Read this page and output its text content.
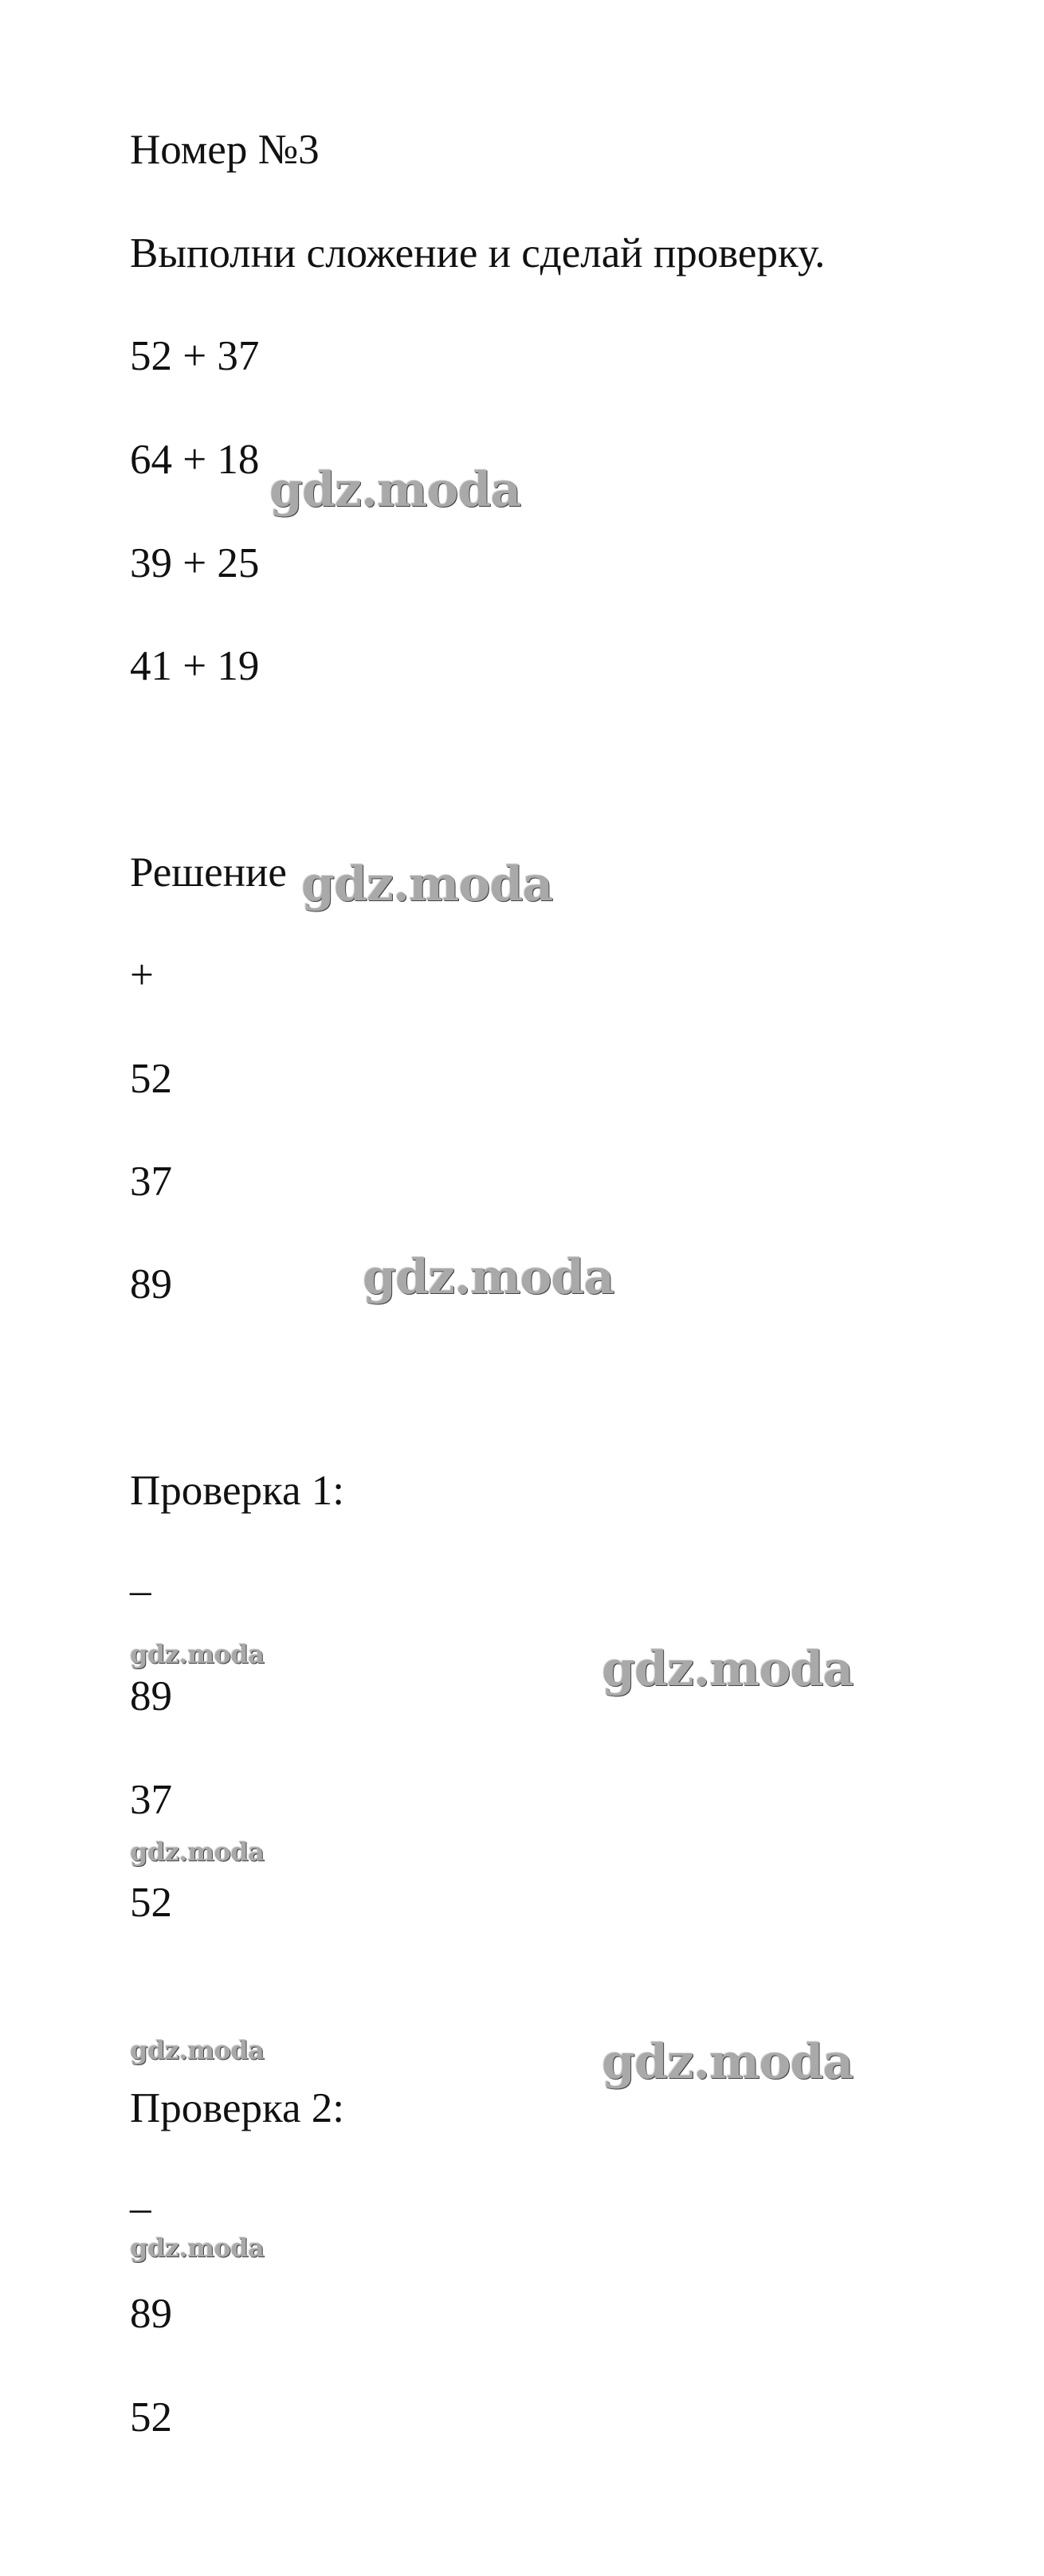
Номер №3
Выполни сложение и сделай проверку.
52 + 37
64 + 18
39 + 25
41 + 19
Решение
+
52
37
89
Проверка 1:
–
89
37
52
Проверка 2:
–
89
52
gdz.moda
gdz.moda
gdz.moda
gdz.moda
gdz.moda
gdz.moda
gdz.moda
gdz.moda
gdz.moda
